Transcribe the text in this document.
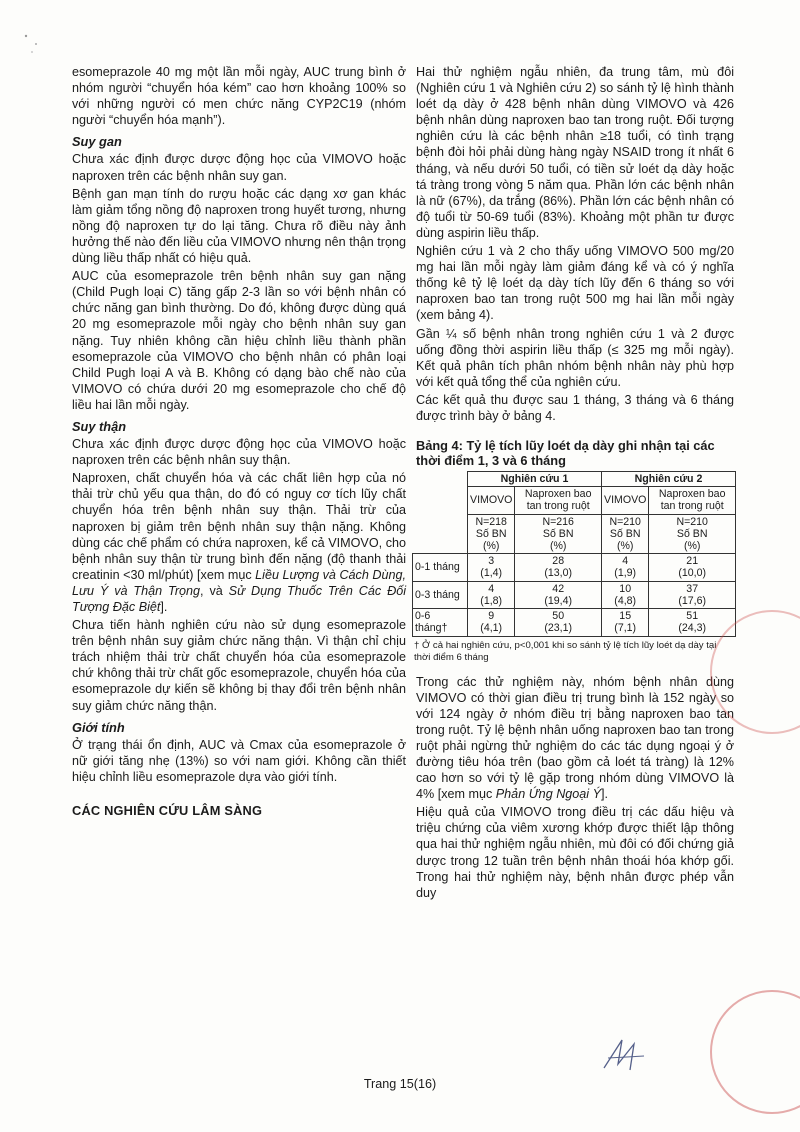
esomeprazole 40 mg một lần mỗi ngày, AUC trung bình ở nhóm người “chuyển hóa kém” cao hơn khoảng 100% so với những người có men chức năng CYP2C19 (nhóm người “chuyển hóa mạnh”).

Suy gan

Chưa xác định được dược động học của VIMOVO hoặc naproxen trên các bệnh nhân suy gan.

Bệnh gan mạn tính do rượu hoặc các dạng xơ gan khác làm giảm tổng nồng độ naproxen trong huyết tương, nhưng nồng độ naproxen tự do lại tăng. Chưa rõ điều này ảnh hưởng thế nào đến liều của VIMOVO nhưng nên thận trọng dùng liều thấp nhất có hiệu quả.

AUC của esomeprazole trên bệnh nhân suy gan nặng (Child Pugh loại C) tăng gấp 2-3 lần so với bệnh nhân có chức năng gan bình thường. Do đó, không được dùng quá 20 mg esomeprazole mỗi ngày cho bệnh nhân suy gan nặng. Tuy nhiên không cần hiệu chỉnh liều thành phần esomeprazole của VIMOVO cho bệnh nhân có phân loại Child Pugh loại A và B. Không có dạng bào chế nào của VIMOVO có chứa dưới 20 mg esomeprazole cho chế độ liều hai lần mỗi ngày.

Suy thận

Chưa xác định được dược động học của VIMOVO hoặc naproxen trên các bệnh nhân suy thận.

Naproxen, chất chuyển hóa và các chất liên hợp của nó thải trừ chủ yếu qua thận, do đó có nguy cơ tích lũy chất chuyển hóa trên bệnh nhân suy thận. Thải trừ của naproxen bị giảm trên bệnh nhân suy thận nặng. Không dùng các chế phẩm có chứa naproxen, kể cả VIMOVO, cho bệnh nhân suy thận từ trung bình đến nặng (độ thanh thải creatinin <30 ml/phút) [xem mục Liều Lượng và Cách Dùng, Lưu Ý và Thận Trọng, và Sử Dụng Thuốc Trên Các Đối Tượng Đặc Biệt].

Chưa tiến hành nghiên cứu nào sử dụng esomeprazole trên bệnh nhân suy giảm chức năng thận. Vì thận chỉ chịu trách nhiệm thải trừ chất chuyển hóa của esomeprazole chứ không thải trừ chất gốc esomeprazole, chuyển hóa của esomeprazole dự kiến sẽ không bị thay đổi trên bệnh nhân suy giảm chức năng thận.

Giới tính

Ở trạng thái ổn định, AUC và Cmax của esomeprazole ở nữ giới tăng nhẹ (13%) so với nam giới. Không cần thiết hiệu chỉnh liều esomeprazole dựa vào giới tính.

CÁC NGHIÊN CỨU LÂM SÀNG

Hai thử nghiệm ngẫu nhiên, đa trung tâm, mù đôi (Nghiên cứu 1 và Nghiên cứu 2) so sánh tỷ lệ hình thành loét dạ dày ở 428 bệnh nhân dùng VIMOVO và 426 bệnh nhân dùng naproxen bao tan trong ruột. Đối tượng nghiên cứu là các bệnh nhân ≥18 tuổi, có tình trạng bệnh đòi hỏi phải dùng hàng ngày NSAID trong ít nhất 6 tháng, và nếu dưới 50 tuổi, có tiền sử loét dạ dày hoặc tá tràng trong vòng 5 năm qua. Phần lớn các bệnh nhân là nữ (67%), da trắng (86%). Phần lớn các bệnh nhân có độ tuổi từ 50-69 tuổi (83%). Khoảng một phần tư được dùng aspirin liều thấp.

Nghiên cứu 1 và 2 cho thấy uống VIMOVO 500 mg/20 mg hai lần mỗi ngày làm giảm đáng kể và có ý nghĩa thống kê tỷ lệ loét dạ dày tích lũy đến 6 tháng so với naproxen bao tan trong ruột 500 mg hai lần mỗi ngày (xem bảng 4).

Gần ¼ số bệnh nhân trong nghiên cứu 1 và 2 được uống đồng thời aspirin liều thấp (≤ 325 mg mỗi ngày). Kết quả phân tích phân nhóm bệnh nhân này phù hợp với kết quả tổng thể của nghiên cứu.

Các kết quả thu được sau 1 tháng, 3 tháng và 6 tháng được trình bày ở bảng 4.

Bảng 4: Tỷ lệ tích lũy loét dạ dày ghi nhận tại các thời điểm 1, 3 và 6 tháng
	Nghiên cứu 1		Nghiên cứu 2	
	VIMOVO	Naproxen bao tan trong ruột	VIMOVO	Naproxen bao tan trong ruột
	N=218
Số BN
(%)	N=216
Số BN
(%)	N=210
Số BN
(%)	N=210
Số BN
(%)
0-1 tháng	3
(1,4)	28
(13,0)	4
(1,9)	21
(10,0)
0-3 tháng	4
(1,8)	42
(19,4)	10
(4,8)	37
(17,6)
0-6 tháng†	9
(4,1)	50
(23,1)	15
(7,1)	51
(24,3)
† Ở cả hai nghiên cứu, p<0,001 khi so sánh tỷ lệ tích lũy loét dạ dày tại thời điểm 6 tháng

Trong các thử nghiệm này, nhóm bệnh nhân dùng VIMOVO có thời gian điều trị trung bình là 152 ngày so với 124 ngày ở nhóm điều trị bằng naproxen bao tan trong ruột. Tỷ lệ bệnh nhân uống naproxen bao tan trong ruột phải ngừng thử nghiệm do các tác dụng ngoại ý ở đường tiêu hóa trên (bao gồm cả loét tá tràng) là 12% cao hơn so với tỷ lệ gặp trong nhóm dùng VIMOVO là 4% [xem mục Phản Ứng Ngoại Ý].

Hiệu quả của VIMOVO trong điều trị các dấu hiệu và triệu chứng của viêm xương khớp được thiết lập thông qua hai thử nghiệm ngẫu nhiên, mù đôi có đối chứng giả dược trong 12 tuần trên bệnh nhân thoái hóa khớp gối. Trong hai thử nghiệm này, bệnh nhân được phép vẫn duy

Trang 15(16)
